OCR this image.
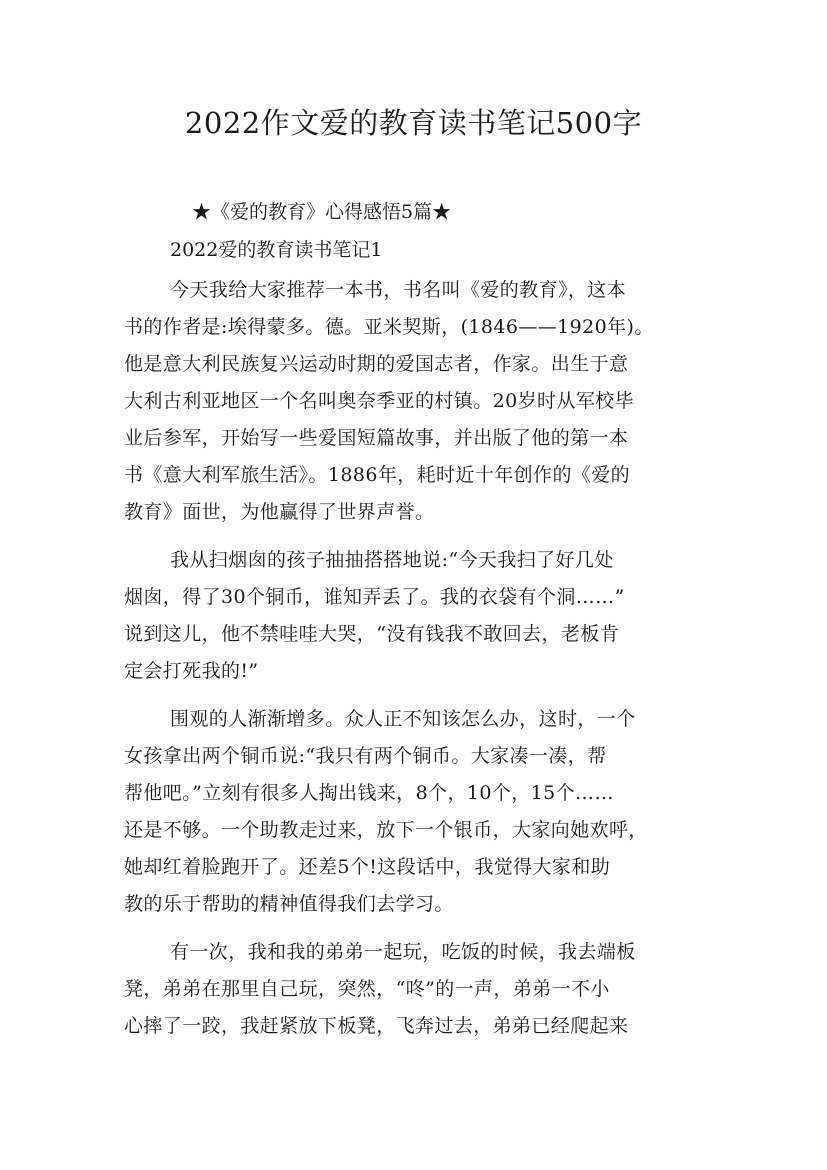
2022作文爱的教育读书笔记500字

★《爱的教育》心得感悟5篇★

2022爱的教育读书笔记1

今天我给大家推荐一本书，书名叫《爱的教育》，这本

书的作者是:埃得蒙多。德。亚米契斯，(1846——1920年)。

他是意大利民族复兴运动时期的爱国志者，作家。出生于意

大利古利亚地区一个名叫奥奈季亚的村镇。20岁时从军校毕

业后参军，开始写一些爱国短篇故事，并出版了他的第一本

书《意大利军旅生活》。1886年，耗时近十年创作的《爱的

教育》面世，为他赢得了世界声誉。

我从扫烟囱的孩子抽抽搭搭地说:“今天我扫了好几处

烟囱，得了30个铜币，谁知弄丢了。我的衣袋有个洞……”

说到这儿，他不禁哇哇大哭，“没有钱我不敢回去，老板肯

定会打死我的!”

围观的人渐渐增多。众人正不知该怎么办，这时，一个

女孩拿出两个铜币说:“我只有两个铜币。大家凑一凑，帮

帮他吧。”立刻有很多人掏出钱来，8个，10个，15个……

还是不够。一个助教走过来，放下一个银币，大家向她欢呼，

她却红着脸跑开了。还差5个!这段话中，我觉得大家和助

教的乐于帮助的精神值得我们去学习。

有一次，我和我的弟弟一起玩，吃饭的时候，我去端板

凳，弟弟在那里自己玩，突然，“咚”的一声，弟弟一不小

心摔了一跤，我赶紧放下板凳，飞奔过去，弟弟已经爬起来
